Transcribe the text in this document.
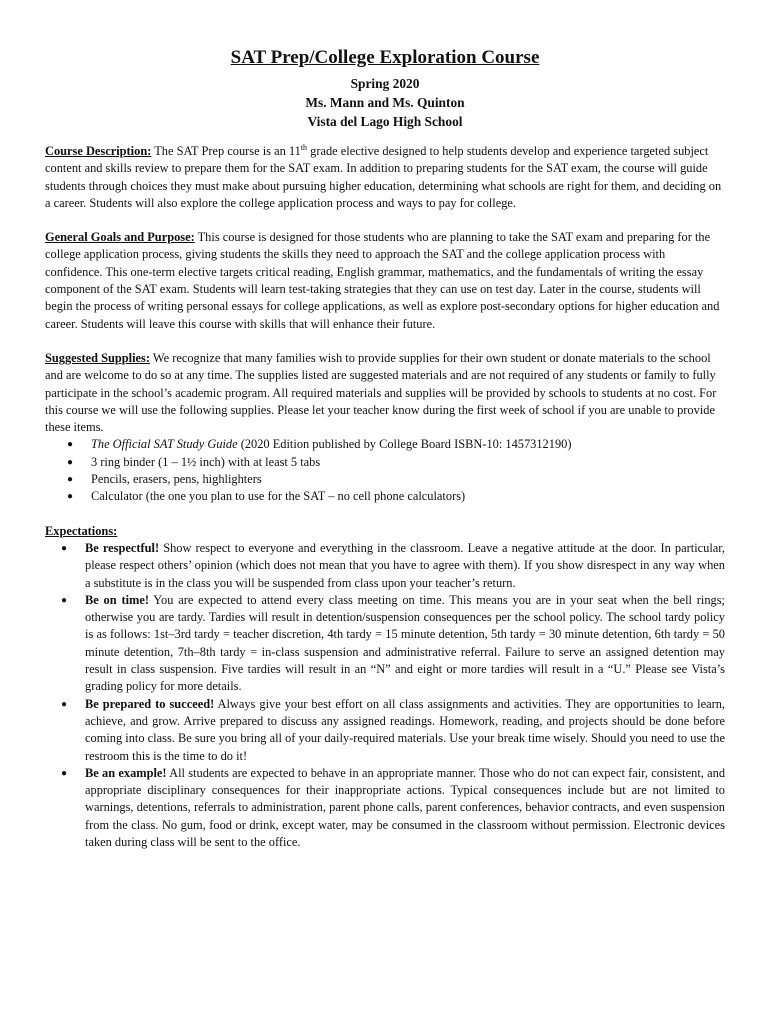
SAT Prep/College Exploration Course
Spring 2020
Ms. Mann and Ms. Quinton
Vista del Lago High School

Course Description: The SAT Prep course is an 11th grade elective designed to help students develop and experience targeted subject content and skills review to prepare them for the SAT exam. In addition to preparing students for the SAT exam, the course will guide students through choices they must make about pursuing higher education, determining what schools are right for them, and deciding on a career. Students will also explore the college application process and ways to pay for college.

General Goals and Purpose: This course is designed for those students who are planning to take the SAT exam and preparing for the college application process, giving students the skills they need to approach the SAT and the college application process with confidence. This one-term elective targets critical reading, English grammar, mathematics, and the fundamentals of writing the essay component of the SAT exam. Students will learn test-taking strategies that they can use on test day. Later in the course, students will begin the process of writing personal essays for college applications, as well as explore post-secondary options for higher education and career. Students will leave this course with skills that will enhance their future.

Suggested Supplies: We recognize that many families wish to provide supplies for their own student or donate materials to the school and are welcome to do so at any time. The supplies listed are suggested materials and are not required of any students or family to fully participate in the school’s academic program. All required materials and supplies will be provided by schools to students at no cost. For this course we will use the following supplies. Please let your teacher know during the first week of school if you are unable to provide these items.

● The Official SAT Study Guide (2020 Edition published by College Board ISBN-10: 1457312190)
● 3 ring binder (1 – 1½ inch) with at least 5 tabs
● Pencils, erasers, pens, highlighters
● Calculator (the one you plan to use for the SAT – no cell phone calculators)
Expectations:
● Be respectful! Show respect to everyone and everything in the classroom. Leave a negative attitude at the door. In particular, please respect others’ opinion (which does not mean that you have to agree with them). If you show disrespect in any way when a substitute is in the class you will be suspended from class upon your teacher’s return.
● Be on time! You are expected to attend every class meeting on time. This means you are in your seat when the bell rings; otherwise you are tardy. Tardies will result in detention/suspension consequences per the school policy. The school tardy policy is as follows: 1st–3rd tardy = teacher discretion, 4th tardy = 15 minute detention, 5th tardy = 30 minute detention, 6th tardy = 50 minute detention, 7th–8th tardy = in-class suspension and administrative referral. Failure to serve an assigned detention may result in class suspension. Five tardies will result in an “N” and eight or more tardies will result in a “U.” Please see Vista’s grading policy for more details.
● Be prepared to succeed! Always give your best effort on all class assignments and activities. They are opportunities to learn, achieve, and grow. Arrive prepared to discuss any assigned readings. Homework, reading, and projects should be done before coming into class. Be sure you bring all of your daily-required materials. Use your break time wisely. Should you need to use the restroom this is the time to do it!
● Be an example! All students are expected to behave in an appropriate manner. Those who do not can expect fair, consistent, and appropriate disciplinary consequences for their inappropriate actions. Typical consequences include but are not limited to warnings, detentions, referrals to administration, parent phone calls, parent conferences, behavior contracts, and even suspension from the class. No gum, food or drink, except water, may be consumed in the classroom without permission. Electronic devices taken during class will be sent to the office.
